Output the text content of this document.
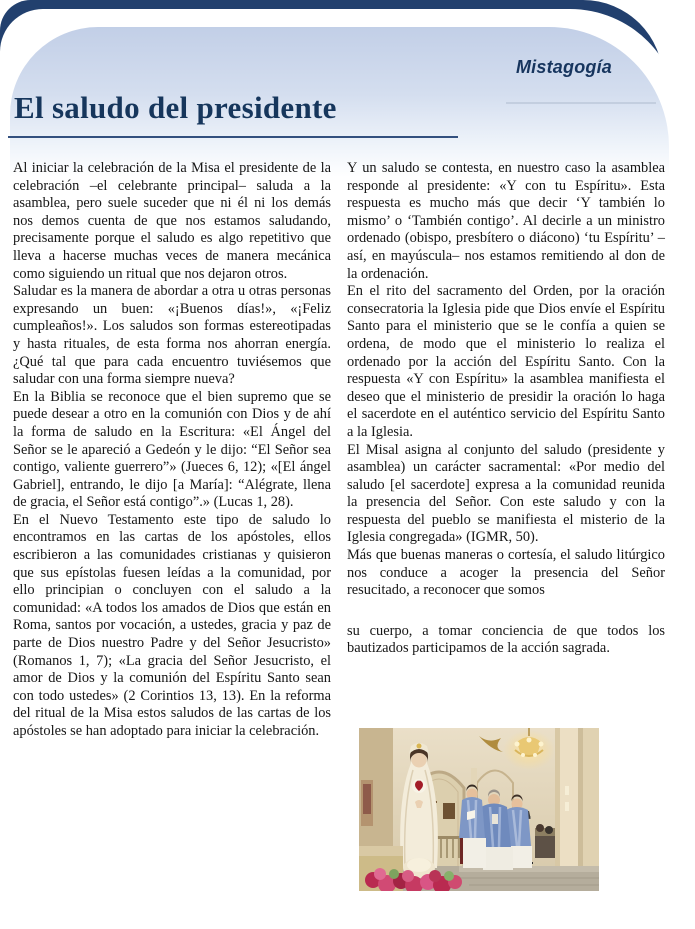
Mistagogía
El saludo del presidente

Al iniciar la celebración de la Misa el presidente de la celebración –el celebrante principal– saluda a la asamblea, pero suele suceder que ni él ni los demás nos demos cuenta de que nos estamos saludando, precisamente porque el saludo es algo repetitivo que lleva a hacerse muchas veces de manera mecánica como siguiendo un ritual que nos dejaron otros.

Saludar es la manera de abordar a otra u otras personas expresando un buen: «¡Buenos días!», «¡Feliz cumpleaños!». Los saludos son formas estereotipadas y hasta rituales, de esta forma nos ahorran energía. ¿Qué tal que para cada encuentro tuviésemos que saludar con una forma siempre nueva?

En la Biblia se reconoce que el bien supremo que se puede desear a otro en la comunión con Dios y de ahí la forma de saludo en la Escritura: «El Ángel del Señor se le apareció a Gedeón y le dijo: “El Señor sea contigo, valiente guerrero”» (Jueces 6, 12); «[El ángel Gabriel], entrando, le dijo [a María]: “Alégrate, llena de gracia, el Señor está contigo”.» (Lucas 1, 28).

En el Nuevo Testamento este tipo de saludo lo encontramos en las cartas de los apóstoles, ellos escribieron a las comunidades cristianas y quisieron que sus epístolas fuesen leídas a la comunidad, por ello principian o concluyen con el saludo a la comunidad: «A todos los amados de Dios que están en Roma, santos por vocación, a ustedes, gracia y paz de parte de Dios nuestro Padre y del Señor Jesucristo» (Romanos 1, 7); «La gracia del Señor Jesucristo, el amor de Dios y la comunión del Espíritu Santo sean con todo ustedes» (2 Corintios 13, 13). En la reforma del ritual de la Misa estos saludos de las cartas de los apóstoles se han adoptado para iniciar la celebración.

Y un saludo se contesta, en nuestro caso la asamblea responde al presidente: «Y con tu Espíritu». Esta respuesta es mucho más que decir ‘Y también lo mismo’ o ‘También contigo’. Al decirle a un ministro ordenado (obispo, presbítero o diácono) ‘tu Espíritu’ – así, en mayúscula– nos estamos remitiendo al don de la ordenación.

En el rito del sacramento del Orden, por la oración consecratoria la Iglesia pide que Dios envíe el Espíritu Santo para el ministerio que se le confía a quien se ordena, de modo que el ministerio lo realiza el ordenado por la acción del Espíritu Santo. Con la respuesta «Y con Espíritu» la asamblea manifiesta el deseo que el ministerio de presidir la oración lo haga el sacerdote en el auténtico servicio del Espíritu Santo a la Iglesia.

El Misal asigna al conjunto del saludo (presidente y asamblea) un carácter sacramental: «Por medio del saludo [el sacerdote] expresa a la comunidad reunida la presencia del Señor. Con este saludo y con la respuesta del pueblo se manifiesta el misterio de la Iglesia congregada» (IGMR, 50).

Más que buenas maneras o cortesía, el saludo litúrgico nos conduce a acoger la presencia del Señor resucitado, a reconocer que somos

su cuerpo, a tomar conciencia de que todos los bautizados participamos de la acción sagrada.
